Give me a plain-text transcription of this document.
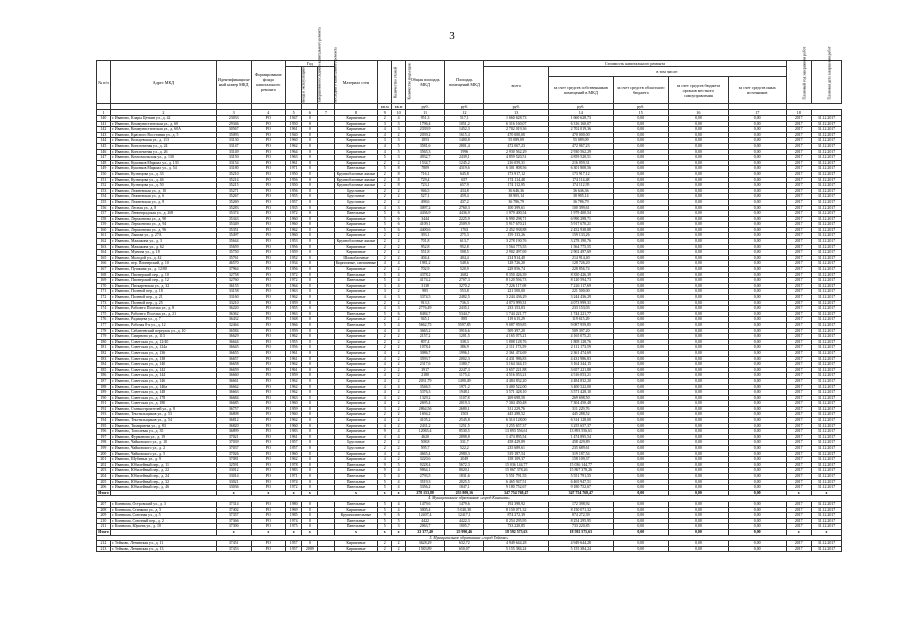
3
№ п/п	Адрес МКД	Идентификацион-ный номер МКД	Формирование фонда капитального ремонта	Год			Материал стен	Количество этажей	Количество подъездов	Общая площадь МКД	Площадь помещений МКД	Стоимость капитального ремонта					Плановый год завершения работ	Плановая дата завершения работ
				ввода в эксплуатацию	завершения последнего капитального ремонта	последнего капитального ремонта						всего	в том числе:					
													за счет средств собственников помещений в МКД	за счет средств областного бюджета	за счет средств бюджета органов местного самоуправления	за счет средств иных источников		
								кв.м	кв.м	руб.	руб.	руб.	руб.	руб.				
1	2	3	4	5	6	7	8	9	10	11	12	13	14	15	16	17	18	
140	г. Иваново, Клары Цеткин ул., д. 42	23033	РО	1947	0		Кирпичные	2	4	951,3	517,1	1 660 628,73	1 660 628,73	0,00	0,00	0,00	2017	31.12.2017
141	г. Иваново, Коммунистическая ул., д. 60	29346	РО	1950	0		Кирпичные	3	3	1796,4	1051,2	6 316 160,07	6 316 160,07	0,00	0,00	0,00	2017	31.12.2017
142	г. Иваново, Коммунистическая ул., д. 60А	30567	РО	1961	0		Кирпичные	4	3	2339,9	1452,3	2 702 019,36	2 702 019,36	0,00	0,00	0,00	2017	31.12.2017
143	г. Иваново, Красного Восстания ул., д. 5	35093	РО	1940	0		Кирпичные	4	2	2039,2	1615,4	470 000,00	470 000,00	0,00	0,00	0,00	2017	31.12.2017
144	г. Иваново, Кольцевская ул., д. 113	33130	РО	1960	0		Кирпичные	3	3	1853	1400,8	55 089,09	55 089,09	0,00	0,00	0,00	2017	31.12.2017
145	г. Иваново, Конспектная ул., д. 24	33147	РО	1962	0		Кирпичные	4	5	3581,6	2801,4	472 067,23	472 067,23	0,00	0,00	0,00	2017	31.12.2017
146	г. Иваново, Конспектная ул., д. 26	33149	РО	1964	0		Кирпичные	4	5	3565,3	1996	2 930 562,29	2 930 562,29	0,00	0,00	0,00	2017	31.12.2017
147	г. Иваново, Комсомольская ул., д. 130	33150	РО	1963	0		Кирпичные	5	3	4932,7	2439,1	4 859 520,51	4 859 520,51	0,00	0,00	0,00	2017	31.12.2017
148	г. Иваново, Куконков Маршал ул., д. 133	33154	РО	1961	0		Кирпичные	2	2	1534,7	1245,2	216 059,31	216 059,31	0,00	0,00	0,00	2017	31.12.2017
149	г. Иваново, Куконков Маршал ул., д. 54	33180	РО	1971	0		Панельные	5	8	7809	4319,6	6 301 808,56	6 301 808,56	0,00	0,00	0,00	2017	31.12.2017
150	г. Иваново, Кузнецова ул., д. 33	35210	РО	1950	0		Крупноблочные жилые	2	8	716,1	645,8	173 917,12	173 917,12	0,00	0,00	0,00	2017	31.12.2017
151	г. Иваново, Кузнецова ул., д. 46	35214	РО	1956	0		Крупноблочные жилые	2	8	729,4	657	174 114,48	174 114,48	0,00	0,00	0,00	2017	31.12.2017
152	г. Иваново, Кузнецова ул., д. 50	35215	РО	1950	0		Крупноблочные жилые	2	8	723,1	657,9	174 112,95	174 112,95	0,00	0,00	0,00	2017	31.12.2017
153	г. Иваново, Лежневская ул., д. 10	35271	РО	1956	0		Брусчатые	2	2	946,5	434,8	36 646,36	36 646,36	0,00	0,00	0,00	2017	31.12.2017
154	г. Иваново, Лежневская ул., д. 6	35267	РО	1955	0		Брусчатые	2	2	527,1	459,4	38 905,14	38 905,14	0,00	0,00	0,00	2017	31.12.2017
155	г. Иваново, Лежневская ул., д. 8	35269	РО	1957	0		Брусчатые	2	2	498,6	437,2	36 786,79	36 786,79	0,00	0,00	0,00	2017	31.12.2017
156	г. Иваново, Лесная ул., д. 8	35283	РО	1935	0		Кирпичные	4	3	3097,2	2760,3	100 399,61	100 399,61	0,00	0,00	0,00	2017	31.12.2017
157	г. Иваново, Ленинградская ул., д. 269	35374	РО	1972	0		Панельные	5	6	4436,9	4436,9	1 979 400,54	1 979 400,54	0,00	0,00	0,00	2017	31.12.2017
158	г. Иваново, Лермонтова ул., д. 90	35343	РО	1960	0		Кирпичные	5	6	3444	2225,9	6 990 298,71	6 990 298,71	0,00	0,00	0,00	2017	31.12.2017
159	г. Иваново, Лермонтова ул., д. 94	35349	РО	1960	0		Кирпичные	5	6	4109,1	2509,9	5 917 670,21	5 917 670,21	0,00	0,00	0,00	2017	31.12.2017
160	г. Иваново, Лермонтова ул., д. 96	35351	РО	1962	0		Кирпичные	5	6	4400,6	1763	2 452 938,88	2 452 938,88	0,00	0,00	0,00	2017	31.12.2017
161	г. Иваново, Лыкова ул., д. 27А	35497	РО	1960	0		Кирпичные	2	2	393,1	275,3	159 133,26	159 133,26	0,00	0,00	0,00	2017	31.12.2017
162	г. Иваново, Мажакина ул., д. 3	35644	РО	1953	0		Крупноблочные жилые	2	2	701,8	613,7	3 278 190,76	3 278 190,76	0,00	0,00	0,00	2017	31.12.2017
163	г. Иваново, Мажакина ул., д. 62	35659	РО	1956	0		Кирпичные	2	2	952,8	952,8	1 564 775,55	1 564 775,55	0,00	0,00	0,00	2017	31.12.2017
164	г. Иваново, Мунина ул., д. 18	35750	РО	1959	0		Кирпичные	2	2	551,8	508,5	2 902 497,69	2 902 497,69	0,00	0,00	0,00	2017	31.12.2017
165	г. Иваново, Молодой ул., д. 42	35761	РО	1952	0		Шлакоблочные	2	2	404,4	404,4	214 914,40	214 914,40	0,00	0,00	0,00	2017	31.12.2017
166	г. Иваново, пер. Пионерский, д. 10	46570	РО	1934	0		Кирпичные, смешанные	4	4	1981,2	548,6	128 726,20	128 726,20	0,00	0,00	0,00	2017	31.12.2017
167	г. Иваново, Пушкина ул., д. 12/80	37964	РО	1956	0		Кирпичные	2	2	702,9	520,9	228 856,74	228 856,74	0,00	0,00	0,00	2017	31.12.2017
168	г. Иваново, Пионерский пер., д. 10	32758	РО	1972	0		Панельные	5	4	4378,2	2682	8 350 426,39	8 350 426,39	0,00	0,00	0,00	2017	31.12.2017
169	г. Иваново, Пионерский пер., д. 12	32760	РО	1972	0		Панельные	5	4	4174,2	2707,3	8 120 594,73	8 120 594,73	0,00	0,00	0,00	2017	31.12.2017
170	г. Иваново, Пискаревская ул., д. 32	36155	РО	1964	0		Кирпичные	3	4	3138	3270,2	7 226 117,69	7 226 117,69	0,00	0,00	0,00	2017	31.12.2017
171	г. Иваново, Полевой пер., д. 18	33158	РО	1963	0		Кирпичные	3	2	985	553,8	221 500,00	221 500,00	0,00	0,00	0,00	2017	31.12.2017
172	г. Иваново, Полевой пер., д. 21	33160	РО	1962	0		Кирпичные	4	3	3374,5	2482,5	3 244 436,29	3 244 436,29	0,00	0,00	0,00	2017	31.12.2017
173	г. Иваново, Полевой пер., д. 25	33210	РО	1959	0		Кирпичные	2	2	913,3	736,3	4 073 999,31	4 073 999,31	0,00	0,00	0,00	2017	31.12.2017
174	г. Иваново, Рабочего Поселка ул., д. 8	36220	РО	1955	0		Кирпичные	4	3	2776,49	2435,1	233 153,03	233 153,03	0,00	0,00	0,00	2017	31.12.2017
175	г. Иваново, Рабочего Поселка ул., д. 21	36362	РО	1963	0		Панельные	5	6	8484,7	5344,7	1 744 221,77	1 744 221,77	0,00	0,00	0,00	2017	31.12.2017
176	г. Иваново, Радищева ул., д. 7	36432	РО	1948	0		Кирпичные	2	2	945,1	885	119 615,29	119 615,29	0,00	0,00	0,00	2017	31.12.2017
177	г. Иваново, Рабочая 8-я ул., д. 12	32464	РО	1966	0		Панельные	5	4	5662,75	5597,85	9 087 959,85	9 087 959,85	0,00	0,00	0,00	2017	31.12.2017
178	г. Иваново, Сабанеевский переулок ул., д. 10	36584	РО	1959	0		Кирпичные	4	4	3665,2	3916,6	509 397,20	509 397,20	0,00	0,00	0,00	2017	31.12.2017
179	г. Иваново, Смирнова ул., д. 113	36629	РО	1962	0		Кирпичные	2	2	2157,2	1201,5	4 165 075,21	4 165 075,21	0,00	0,00	0,00	2017	31.12.2017
180	г. Иваново, Советская ул., д. 12/40	36644	РО	1955	0		Кирпичные	2	2	807,4	338,3	1 808 128,76	1 808 128,76	0,00	0,00	0,00	2017	31.12.2017
181	г. Иваново, Советская ул., д. 124а	36645	РО	1956	0		Кирпичные	2	2	1078,4	386,9	2 111 173,59	2 111 173,59	0,00	0,00	0,00	2017	31.12.2017
182	г. Иваново, Советская ул., д. 136	36655	РО	1961	0		Кирпичные	4	2	3086,7	1996,1	2 361 474,69	2 361 474,69	0,00	0,00	0,00	2017	31.12.2017
183	г. Иваново, Советская ул., д. 138	36657	РО	1961	0		Кирпичные	4	2	3593,7	2002,3	4 431 986,83	4 431 986,83	0,00	0,00	0,00	2017	31.12.2017
184	г. Иваново, Советская ул., д. 140	36658	РО	1962	0		Кирпичные	4	2	2317,6	1380,7	3 164 344,15	3 164 344,15	0,00	0,00	0,00	2017	31.12.2017
185	г. Иваново, Советская ул., д. 142	36659	РО	1961	0		Кирпичные	2	2	3917	2247,3	3 657 221,88	3 657 221,88	0,00	0,00	0,00	2017	31.12.2017
186	г. Иваново, Советская ул., д. 144	36660	РО	1959	0		Кирпичные	4	2	2180	1175,4	4 516 053,21	4 516 053,21	0,00	0,00	0,00	2017	31.12.2017
187	г. Иваново, Советская ул., д. 146	36661	РО	1962	0		Кирпичные	4	2	2031,79	1490,49	4 484 832,20	4 484 832,20	0,00	0,00	0,00	2017	31.12.2017
188	г. Иваново, Советская ул., д. 146а	36662	РО	1962	0		Кирпичные	4	4	3546,5	1971,2	3 400 522,00	3 400 522,00	0,00	0,00	0,00	2017	31.12.2017
189	г. Иваново, Советская ул., д. 148	36663	РО	1962	0		Кирпичные	4	2	3376,3	1948,1	3 571 428,10	3 571 428,10	0,00	0,00	0,00	2017	31.12.2017
190	г. Иваново, Советская ул., д. 178	36684	РО	1963	0		Кирпичные	4	2	1329,2	1107,8	269 698,50	269 698,50	0,00	0,00	0,00	2017	31.12.2017
191	г. Иваново, Советская ул., д. 180	36685	РО	1960	0		Кирпичные	4	2	2695,4	2019,3	7 304 450,48	7 304 450,48	0,00	0,00	0,00	2017	31.12.2017
192	г. Иваново, Станкостроителей ул., д. 8	36757	РО	1959	0		Кирпичные	3	2	2864,56	2680,1	311 229,76	311 229,76	0,00	0,00	0,00	2017	31.12.2017
193	г. Иваново, Текстильщиков ул., д. 53	36808	РО	1960	0		Кирпичные	2	2	1694,2	1503	445 288,52	445 288,52	0,00	0,00	0,00	2017	31.12.2017
194	г. Иваново, Текстильщиков ул., д. 54	36812	РО	1962	0		Кирпичные	4	2	4105,2	2545,8	6 314 128,00	6 314 128,00	0,00	0,00	0,00	2017	31.12.2017
195	г. Иваново, Тимирязева ул., д. 83	36820	РО	1960	0		Кирпичные	4	2	2431,2	1251,5	3 255 657,37	3 255 657,37	0,00	0,00	0,00	2017	31.12.2017
196	г. Иваново, Тополевая ул., д. 35	36899	РО	1983	0		Кирпичные	9	4	12065,4	8530,5	13 893 556,61	13 893 556,61	0,00	0,00	0,00	2017	31.12.2017
197	г. Иваново, Фурманова ул., д. 19	37021	РО	1961	0		Кирпичные	4	4	4620	2898,8	1 474 895,54	1 474 895,54	0,00	0,00	0,00	2017	31.12.2017
198	г. Иваново, Чайковского ул., д. 10	37039	РО	1957	0		Брусчатые	2	2	508,8	331,7	458 429,89	458 429,89	0,00	0,00	0,00	2017	31.12.2017
199	г. Иваново, Чайковского ул., д. 2	37037	РО	1957	0		Брусчатые	2	2	595,7	522,2	235 689,61	235 689,61	0,00	0,00	0,00	2017	31.12.2017
200	г. Иваново, Чайковского ул., д. 5	37026	РО	1960	0		Кирпичные	4	4	4665,4	2980,3	319 187,54	319 187,54	0,00	0,00	0,00	2017	31.12.2017
201	г. Иваново, Шубиных ул., д. 9	37081	РО	1962	0		Кирпичные	4	2	3220,6	2049	158 109,37	158 109,37	0,00	0,00	0,00	2017	31.12.2017
202	г. Иваново, Юбилейный пер., д. 11	32591	РО	1978	0		Панельные	9	5	9228,4	5672,3	15 036 144,77	15 036 144,77	0,00	0,00	0,00	2017	31.12.2017
203	г. Иваново, Юбилейный пер., д. 22	33012	РО	1983	0		Панельные	9	4	9864,1	8020,1	15 867 378,26	15 867 378,26	0,00	0,00	0,00	2017	31.12.2017
204	г. Иваново, Юбилейный пер., д. 24	33014	РО	1971	0		Панельные	5	4	2793,5	1831,6	5 551 791,55	5 551 791,55	0,00	0,00	0,00	2017	31.12.2017
205	г. Иваново, Юбилейный пер., д. 32	33021	РО	1974	0		Панельные	5	4	3519,3	2025,5	6 465 947,51	6 465 947,51	0,00	0,00	0,00	2017	31.12.2017
206	г. Иваново, Юбилейный пер., д. 46	33036	РО	1972	0		Панельные	5	4	3356,2	1847,1	9 180 752,67	9 180 752,67	0,00	0,00	0,00	2017	31.12.2017
Итого		х	х	х	х		х	х	х	278 153,88	255 809,16	347 754 768,47	347 754 768,47	0,00	0,00	0,00	х	х
4. Муниципальное образование «город Кинешма»																		
207	г. Кинешма, Островский ул., д. 3	37314	РО	1980	0		Панельные	5	4	1479,6	1479,6	192 398,92	172 398,92	0,00	0,00	0,00	2017	31.12.2017
208	г. Кинешма, Станкова ул., д. 5	37402	РО	1969	0		Кирпичные	5	4	3005,4	5 020,30	8 150 071,32	8 150 071,32	0,00	0,00	0,00	2017	31.12.2017
209	г. Кинешма, Союзная ул., д. 5	37357	РО	1985	0		Крупнопанельные	9	6	12407,4	12417,1	874 272,39	874 272,39	0,00	0,00	0,00	2017	31.12.2017
210	г. Кинешма, Союзный пер., д. 2	37366	РО	1974	0		Панельные	5	5	4422	4422,3	8 254 295,95	8 254 295,95	0,00	0,00	0,00	2017	31.12.2017
211	г. Кинешма, Юрьева ул., д. 10	37390	РО	1975	0		Панельные	5	3	2063,7	1805,7	733 220,85	733 220,85	0,00	0,00	0,00	2017	31.12.2017
Итого		х	х	х	х		х	х	х	23 377,40	25 990,46	18 592 575,63	18 592 575,63	0,00	0,00	0,00	х	х
5. Муниципальное образование «город Тейково»																		
212	г. Тейково, Ленинская ул., д. 11	37451	РО	1957	0		Кирпичные	2	2	3628,29	632,72	4 949 644,28	4 949 644,28	0,00	0,00	0,00	2017	31.12.2017
213	г. Тейково, Ленинская ул., д. 13	37453	РО	1957	2009		Кирпичные	2	2	1583,89	650,07	5 155 384,24	5 155 384,24	0,00	0,00	0,00	2017	31.12.2017
